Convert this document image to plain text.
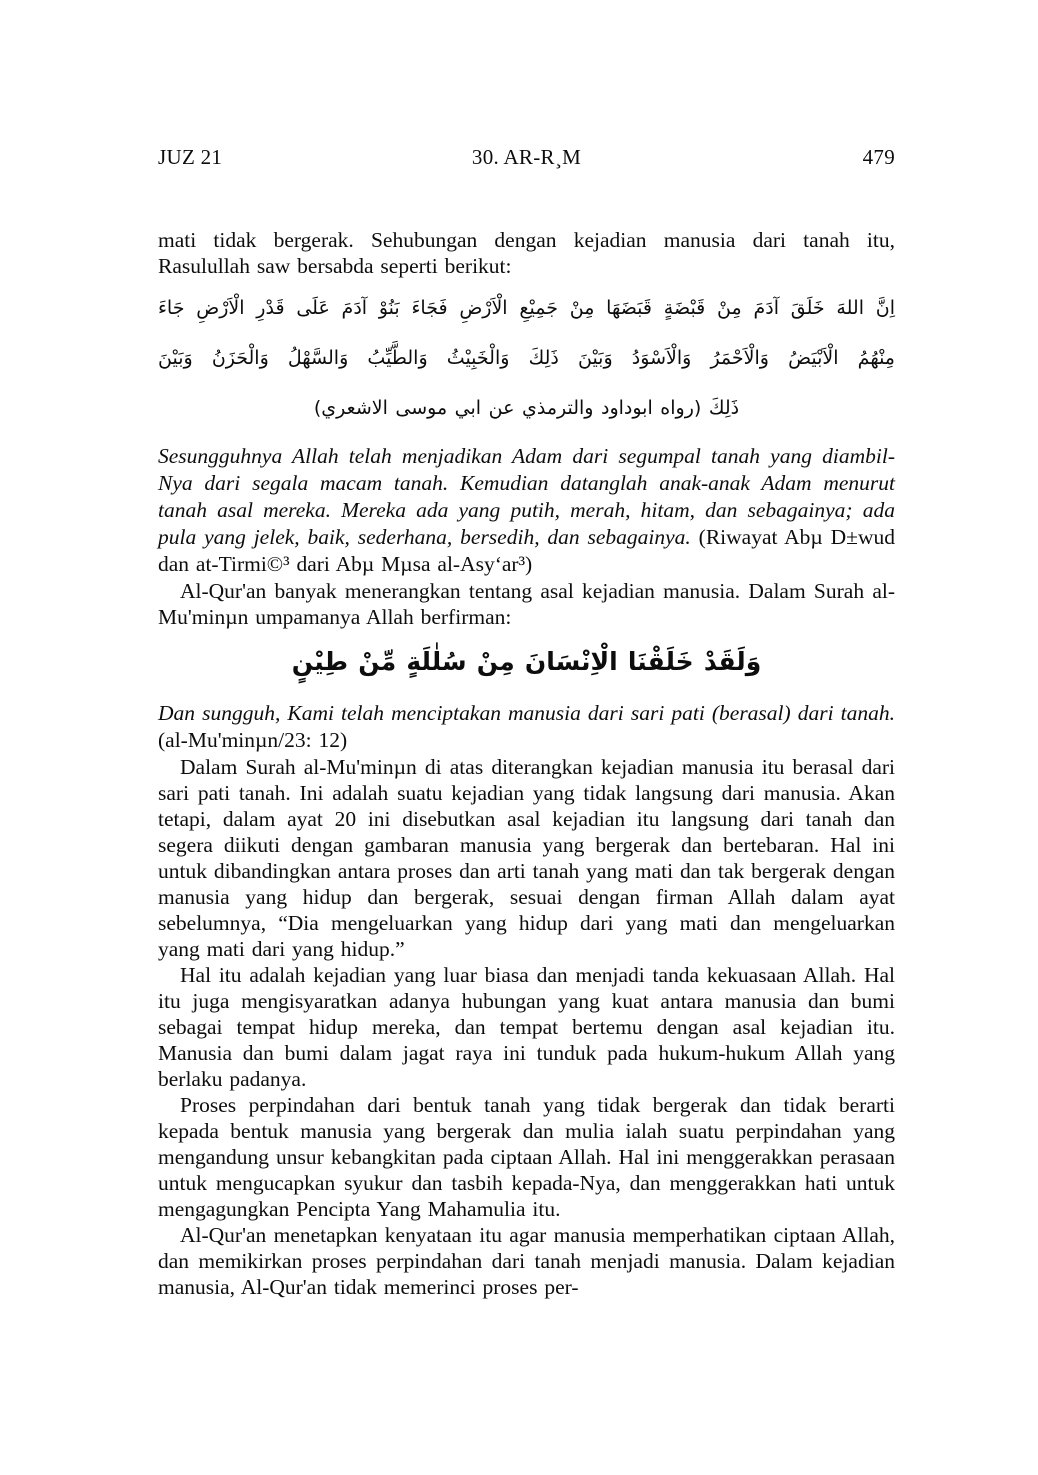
JUZ 21	30. AR-R¸M	479

mati tidak bergerak. Sehubungan dengan kejadian manusia dari tanah itu, Rasulullah saw bersabda seperti berikut:

اِنَّ اللهَ خَلَقَ آدَمَ مِنْ قَبْضَةٍ قَبَضَهَا مِنْ جَمِيْعِ الْاَرْضِ فَجَاءَ بَنُوْ آدَمَ عَلَى قَدْرِ الْاَرْضِ جَاءَ
مِنْهُمُ الْاَبْيَضُ وَالْاَحْمَرُ وَالْاَسْوَدُ وَبَيْنَ ذَلِكَ وَالْخَبِيْثُ وَالطَّيِّبُ وَالسَّهْلُ وَالْحَزَنُ وَبَيْنَ
ذَلِكَ (رواه ابوداود والترمذي عن ابي موسى الاشعري)

Sesungguhnya Allah telah menjadikan Adam dari segumpal tanah yang diambil-Nya dari segala macam tanah. Kemudian datanglah anak-anak Adam menurut tanah asal mereka. Mereka ada yang putih, merah, hitam, dan sebagainya; ada pula yang jelek, baik, sederhana, bersedih, dan sebagainya. (Riwayat Abµ D±wud dan at-Tirmi©³ dari Abµ Mµsa al-Asy‘ar³)

Al-Qur'an banyak menerangkan tentang asal kejadian manusia. Dalam Surah al-Mu'minµn umpamanya Allah berfirman:

وَلَقَدْ خَلَقْنَا الْاِنْسَانَ مِنْ سُلٰلَةٍ مِّنْ طِيْنٍ

Dan sungguh, Kami telah menciptakan manusia dari sari pati (berasal) dari tanah. (al-Mu'minµn/23: 12)

Dalam Surah al-Mu'minµn di atas diterangkan kejadian manusia itu berasal dari sari pati tanah. Ini adalah suatu kejadian yang tidak langsung dari manusia. Akan tetapi, dalam ayat 20 ini disebutkan asal kejadian itu langsung dari tanah dan segera diikuti dengan gambaran manusia yang bergerak dan bertebaran. Hal ini untuk dibandingkan antara proses dan arti tanah yang mati dan tak bergerak dengan manusia yang hidup dan bergerak, sesuai dengan firman Allah dalam ayat sebelumnya, “Dia mengeluarkan yang hidup dari yang mati dan mengeluarkan yang mati dari yang hidup.”

Hal itu adalah kejadian yang luar biasa dan menjadi tanda kekuasaan Allah. Hal itu juga mengisyaratkan adanya hubungan yang kuat antara manusia dan bumi sebagai tempat hidup mereka, dan tempat bertemu dengan asal kejadian itu. Manusia dan bumi dalam jagat raya ini tunduk pada hukum-hukum Allah yang berlaku padanya.

Proses perpindahan dari bentuk tanah yang tidak bergerak dan tidak berarti kepada bentuk manusia yang bergerak dan mulia ialah suatu perpindahan yang mengandung unsur kebangkitan pada ciptaan Allah. Hal ini menggerakkan perasaan untuk mengucapkan syukur dan tasbih kepada-Nya, dan menggerakkan hati untuk mengagungkan Pencipta Yang Mahamulia itu.

Al-Qur'an menetapkan kenyataan itu agar manusia memperhatikan ciptaan Allah, dan memikirkan proses perpindahan dari tanah menjadi manusia. Dalam kejadian manusia, Al-Qur'an tidak memerinci proses per-
